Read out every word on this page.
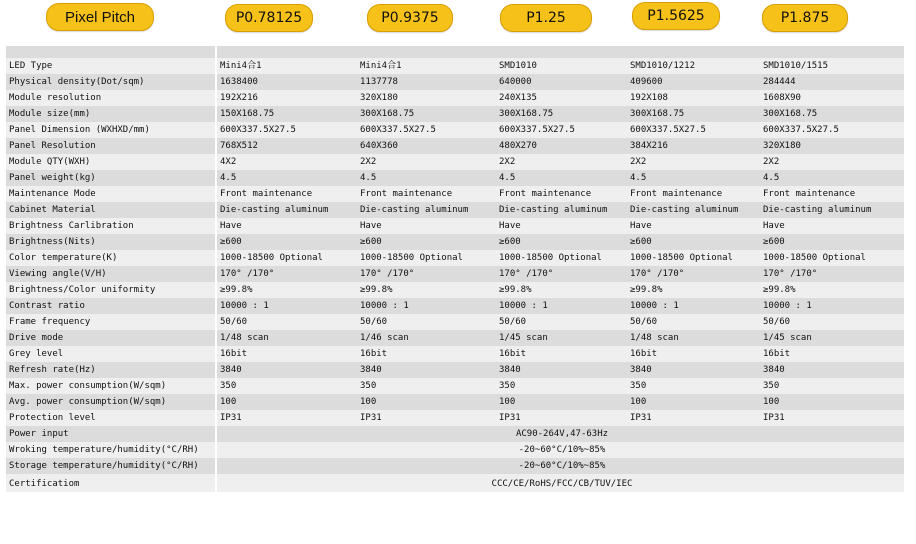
Pixel Pitch	P0.78125	P0.9375	P1.25	P1.5625	P1.875

LED Type	Mini4合1	Mini4合1	SMD1010	SMD1010/1212	SMD1010/1515
Physical density(Dot/sqm)	1638400	1137778	640000	409600	284444
Module resolution	192X216	320X180	240X135	192X108	1608X90
Module size(mm)	150X168.75	300X168.75	300X168.75	300X168.75	300X168.75
Panel Dimension (WXHXD/mm)	600X337.5X27.5	600X337.5X27.5	600X337.5X27.5	600X337.5X27.5	600X337.5X27.5
Panel Resolution	768X512	640X360	480X270	384X216	320X180
Module QTY(WXH)	4X2	2X2	2X2	2X2	2X2
Panel weight(kg)	4.5	4.5	4.5	4.5	4.5
Maintenance Mode	Front maintenance	Front maintenance	Front maintenance	Front maintenance	Front maintenance
Cabinet Material	Die-casting aluminum	Die-casting aluminum	Die-casting aluminum	Die-casting aluminum	Die-casting aluminum
Brightness Carlibration	Have	Have	Have	Have	Have
Brightness(Nits)	≥600	≥600	≥600	≥600	≥600
Color temperature(K)	1000-18500 Optional	1000-18500 Optional	1000-18500 Optional	1000-18500 Optional	1000-18500 Optional
Viewing angle(V/H)	170° /170°	170° /170°	170° /170°	170° /170°	170° /170°
Brightness/Color uniformity	≥99.8%	≥99.8%	≥99.8%	≥99.8%	≥99.8%
Contrast ratio	10000 : 1	10000 : 1	10000 : 1	10000 : 1	10000 : 1
Frame frequency	50/60	50/60	50/60	50/60	50/60
Drive mode	1/48 scan	1/46 scan	1/45 scan	1/48 scan	1/45 scan
Grey level	16bit	16bit	16bit	16bit	16bit
Refresh rate(Hz)	3840	3840	3840	3840	3840
Max. power consumption(W/sqm)	350	350	350	350	350
Avg. power consumption(W/sqm)	100	100	100	100	100
Protection level	IP31	IP31	IP31	IP31	IP31
Power input	AC90-264V,47-63Hz				
Wroking temperature/humidity(°C/RH)	-20~60°C/10%~85%				
Storage temperature/humidity(°C/RH)	-20~60°C/10%~85%				
Certificatiom	CCC/CE/RoHS/FCC/CB/TUV/IEC				
